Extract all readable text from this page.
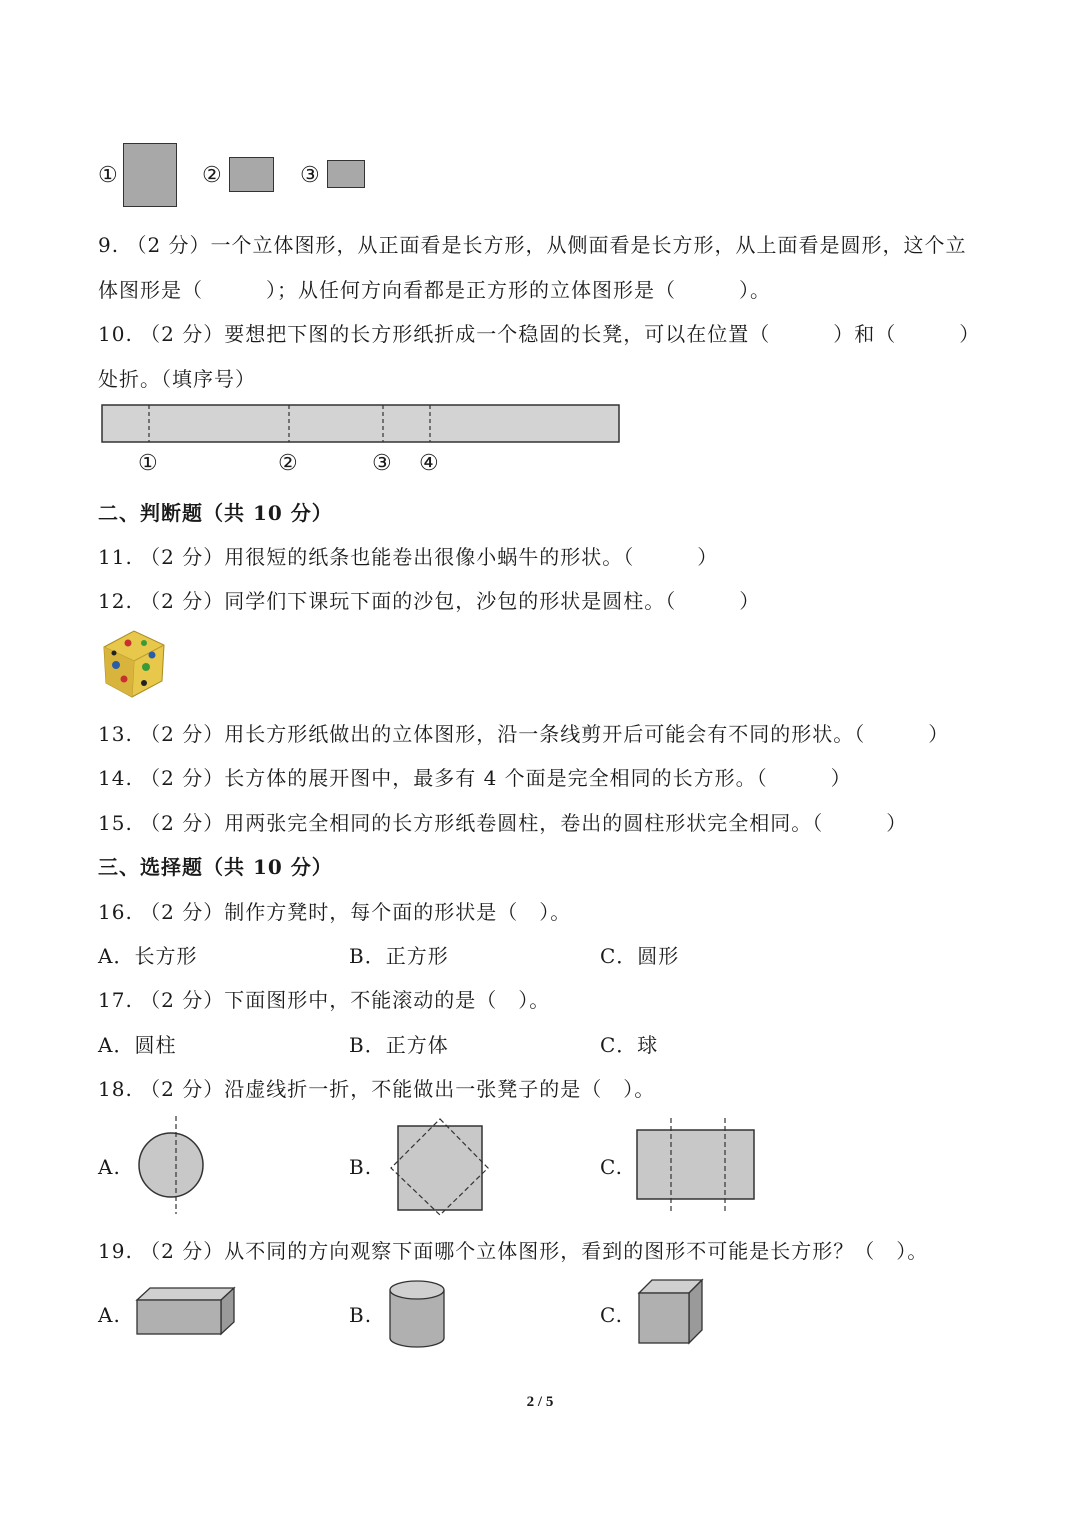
①	②	③
9. （2 分）一个立体图形，从正面看是长方形，从侧面看是长方形，从上面看是圆形，这个立
体图形是（　　　）；从任何方向看都是正方形的立体图形是（　　　）。
10. （2 分）要想把下图的长方形纸折成一个稳固的长凳，可以在位置（　　　）和（　　　）
处折。（填序号）
①	②	③ ④
二、判断题（共 10 分）
11. （2 分）用很短的纸条也能卷出很像小蜗牛的形状。（　　　）
12. （2 分）同学们下课玩下面的沙包，沙包的形状是圆柱。（　　　）
13. （2 分）用长方形纸做出的立体图形，沿一条线剪开后可能会有不同的形状。（　　　）
14. （2 分）长方体的展开图中，最多有 4 个面是完全相同的长方形。（　　　）
15. （2 分）用两张完全相同的长方形纸卷圆柱，卷出的圆柱形状完全相同。（　　　）
三、选择题（共 10 分）
16. （2 分）制作方凳时，每个面的形状是（　）。
A．长方形	B．正方形	C．圆形
17. （2 分）下面图形中，不能滚动的是（　）。
A．圆柱	B．正方体	C．球
18. （2 分）沿虚线折一折，不能做出一张凳子的是（　）。
A.	B.	C.
19. （2 分）从不同的方向观察下面哪个立体图形，看到的图形不可能是长方形？（　）。
A.	B.	C.
2 / 5
